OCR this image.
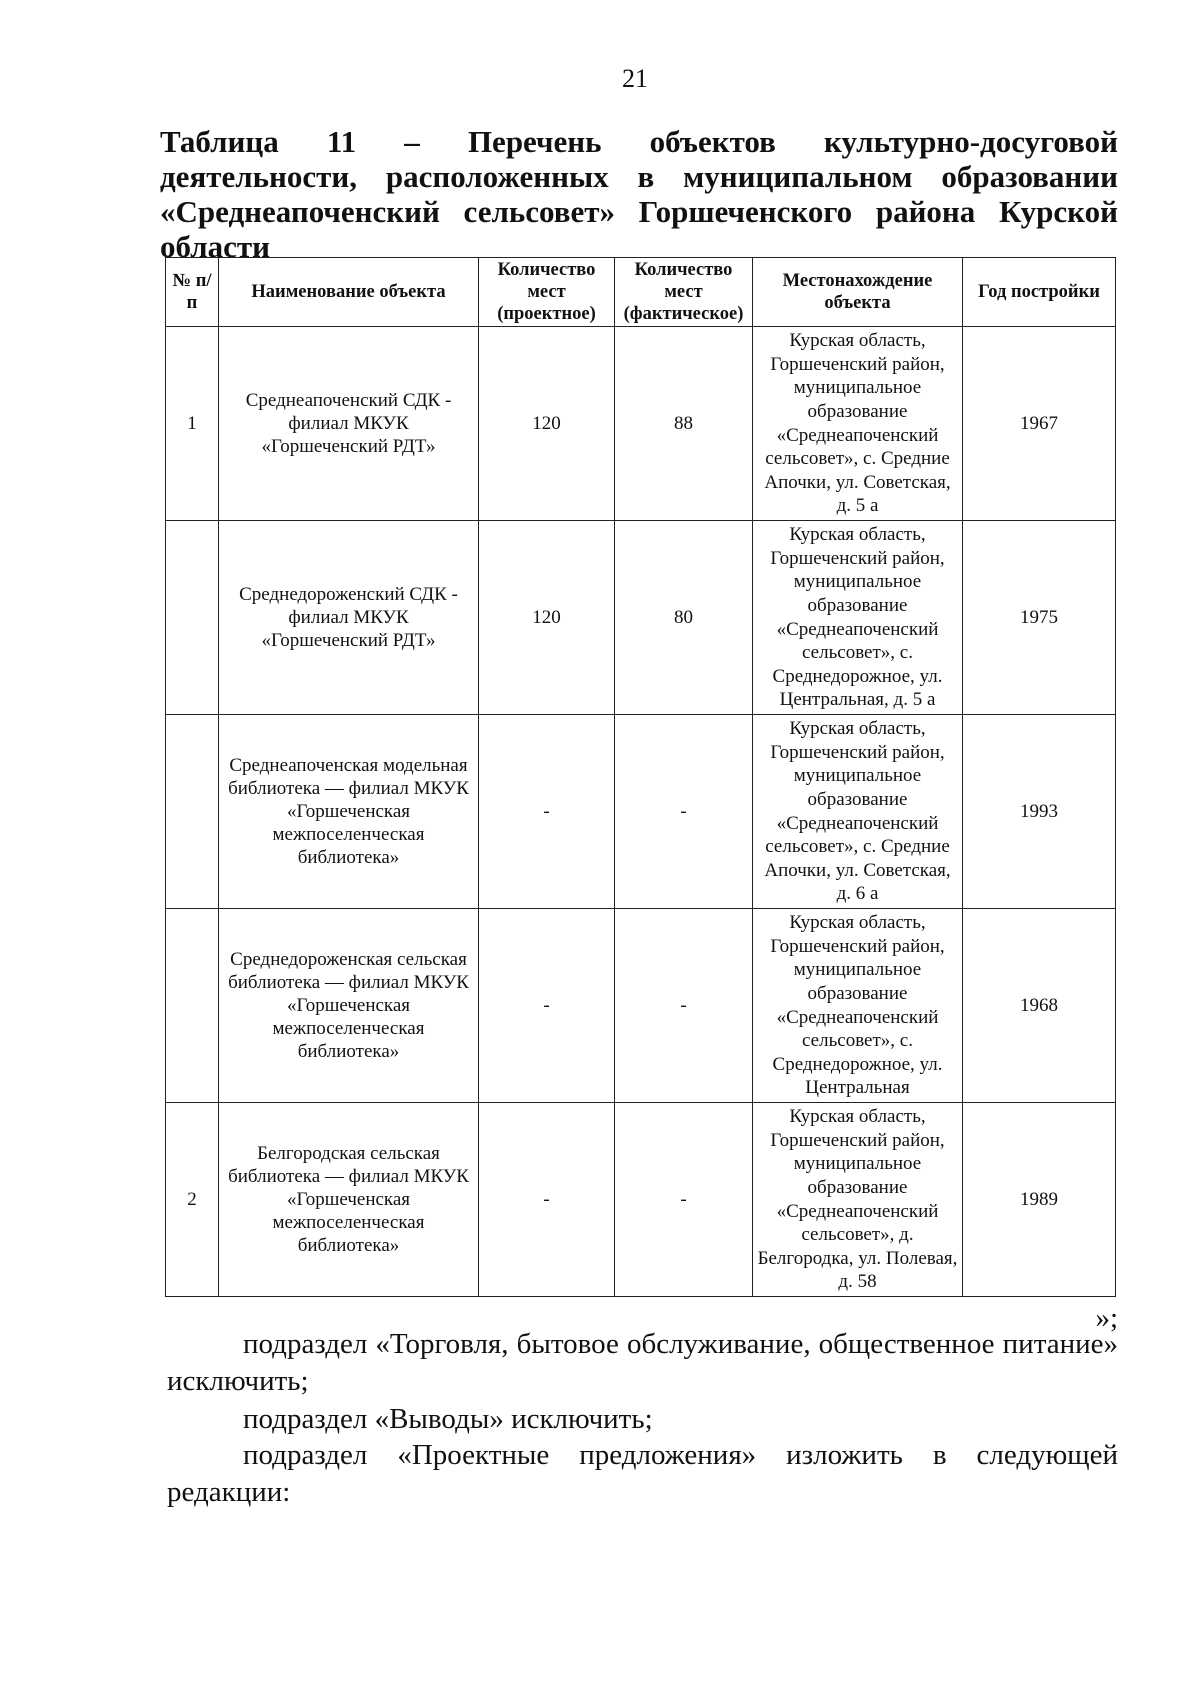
21
Таблица 11 – Перечень объектов культурно-досуговой деятельности, расположенных в муниципальном образовании «Среднеапоченский сельсовет» Горшеченского района Курской области
№ п/п	Наименование объекта	Количество мест (проектное)	Количество мест (фактическое)	Местонахождение объекта	Год постройки
1	Среднеапоченский СДК - филиал МКУК «Горшеченский РДТ»	120	88	Курская область, Горшеченский район, муниципальное образование «Среднеапоченский сельсовет», с. Средние Апочки, ул. Советская, д. 5 а	1967
	Среднедороженский СДК - филиал МКУК «Горшеченский РДТ»	120	80	Курская область, Горшеченский район, муниципальное образование «Среднеапоченский сельсовет», с. Среднедорожное, ул. Центральная, д. 5 а	1975
	Среднеапоченская модельная библиотека — филиал МКУК «Горшеченская межпоселенческая библиотека»	-	-	Курская область, Горшеченский район, муниципальное образование «Среднеапоченский сельсовет», с. Средние Апочки, ул. Советская, д. 6 а	1993
	Среднедороженская сельская библиотека — филиал МКУК «Горшеченская межпоселенческая библиотека»	-	-	Курская область, Горшеченский район, муниципальное образование «Среднеапоченский сельсовет», с. Среднедорожное, ул. Центральная	1968
2	Белгородская сельская библиотека — филиал МКУК «Горшеченская межпоселенческая библиотека»	-	-	Курская область, Горшеченский район, муниципальное образование «Среднеапоченский сельсовет», д. Белгородка, ул. Полевая, д. 58	1989
»;

подраздел «Торговля, бытовое обслуживание, общественное питание» исключить;

подраздел «Выводы» исключить;

подраздел «Проектные предложения» изложить в следующей редакции:
